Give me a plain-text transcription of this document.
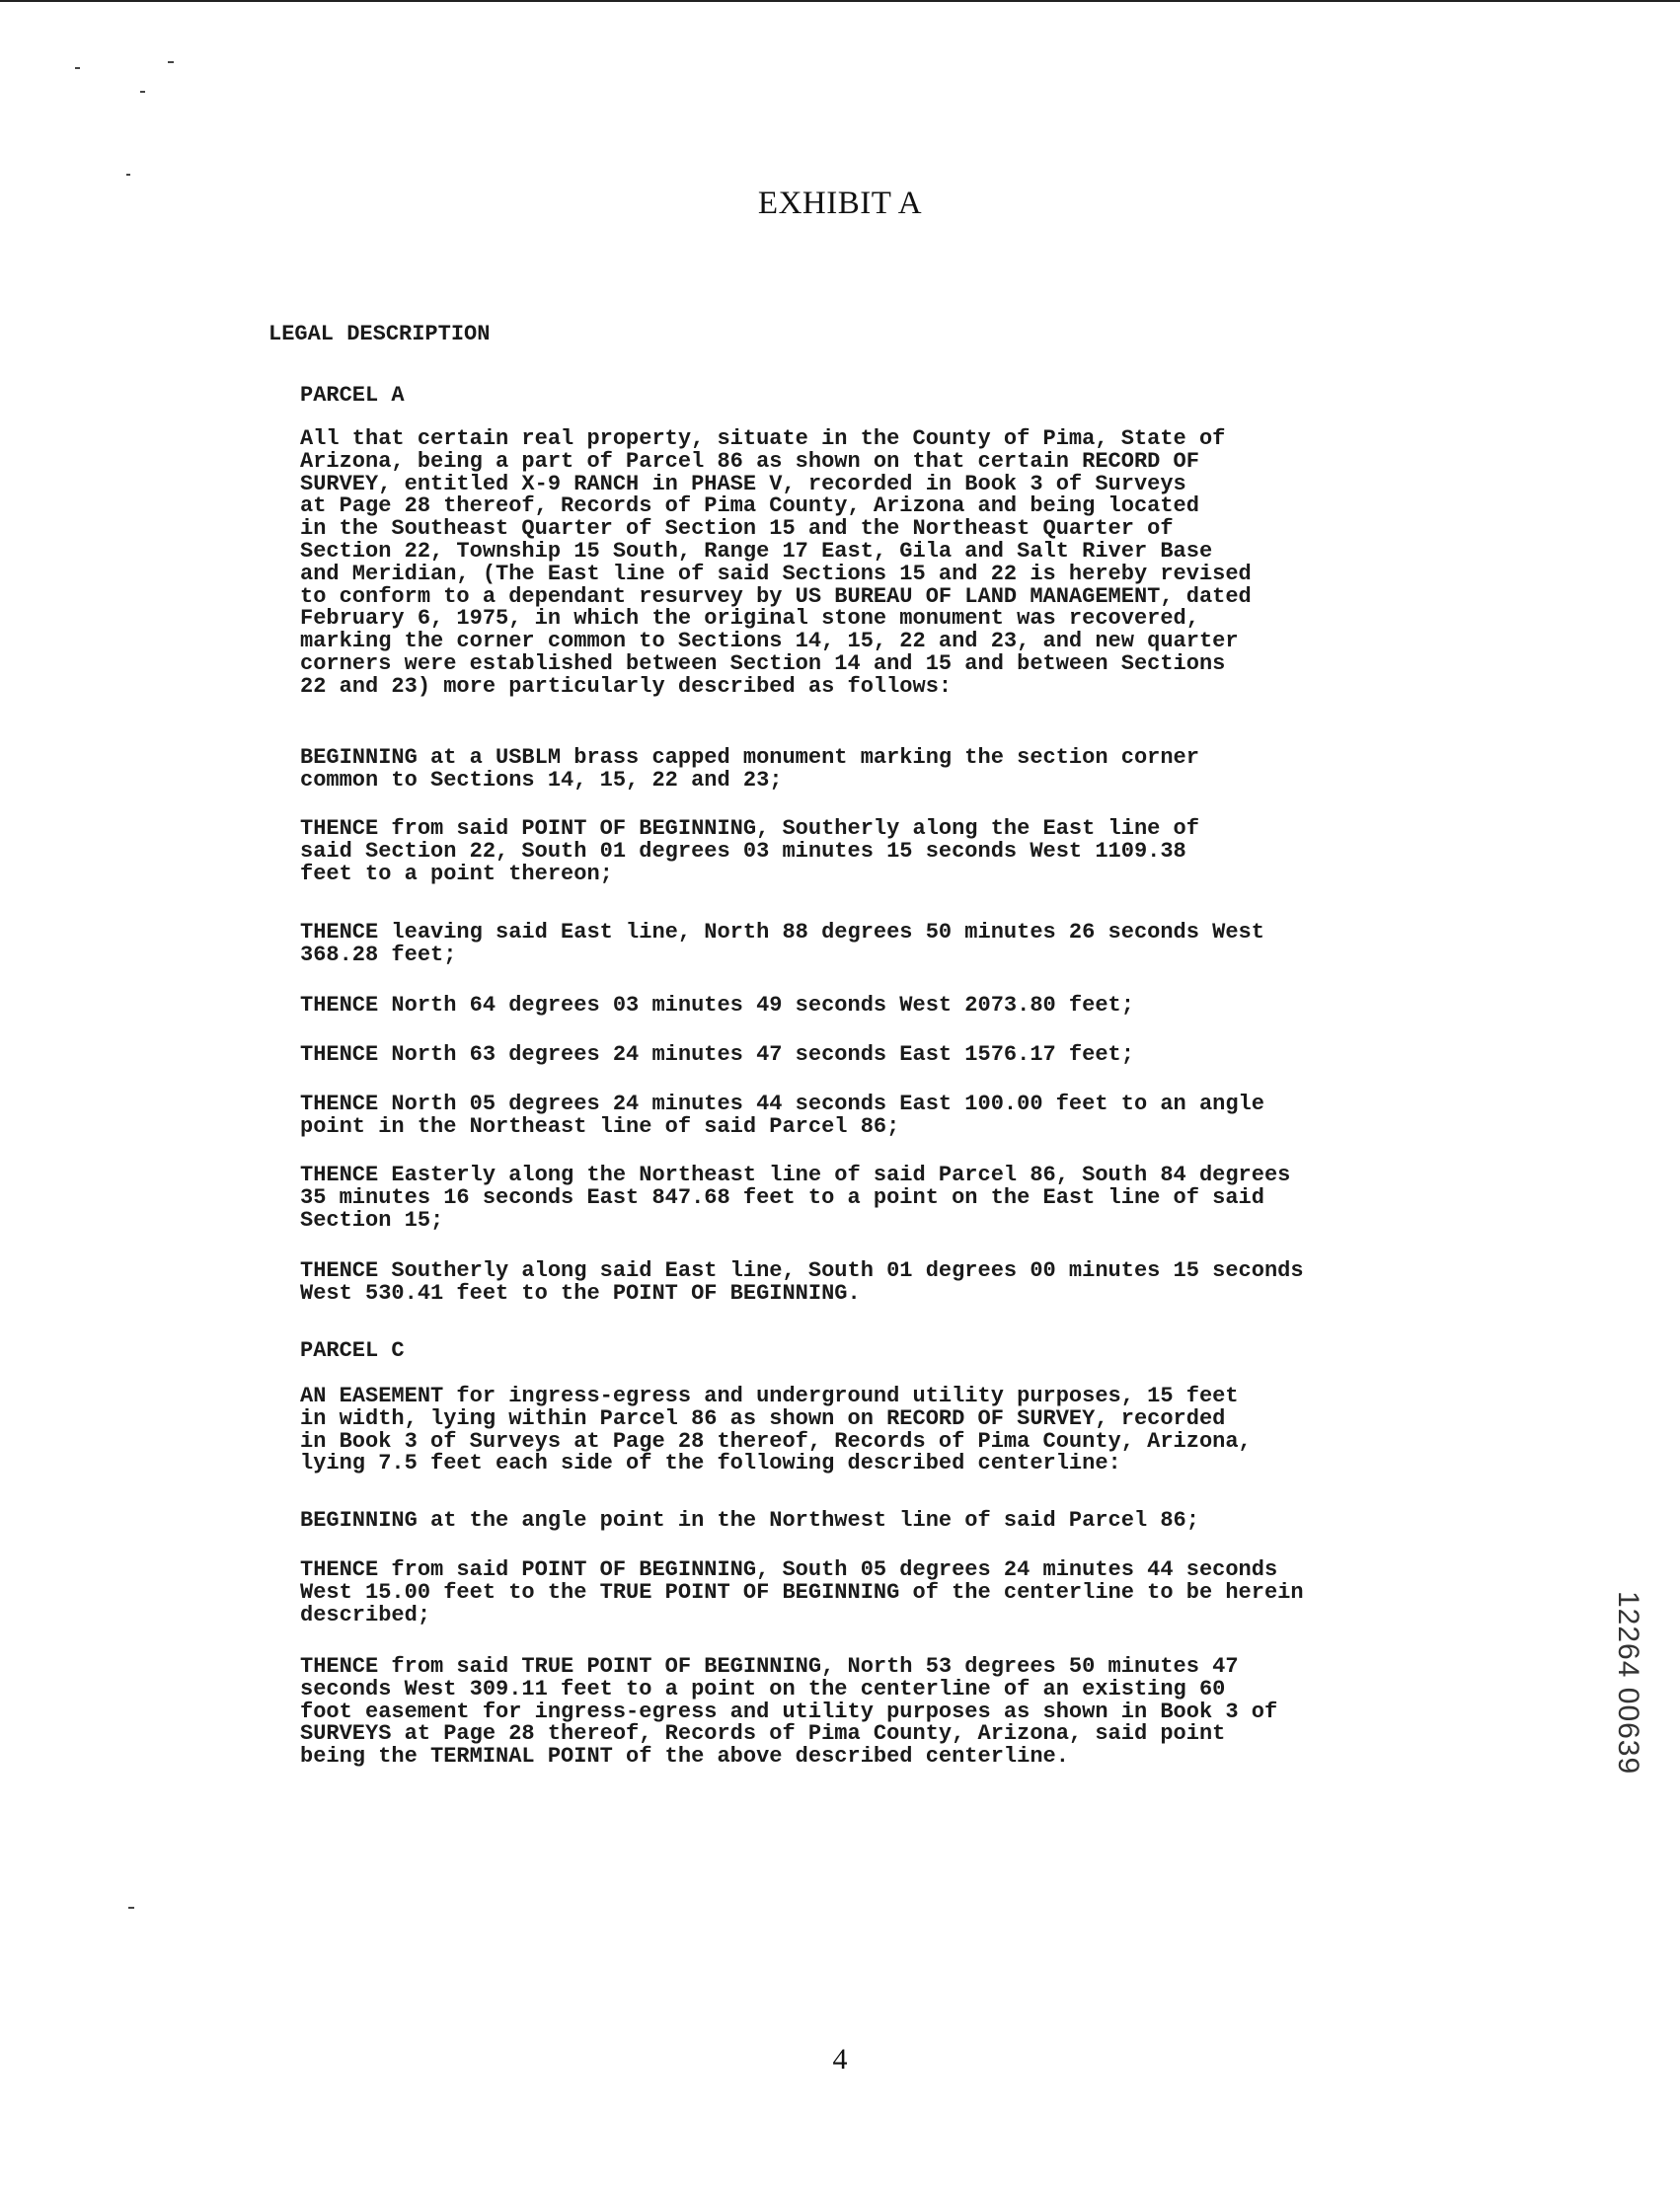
EXHIBIT A
LEGAL DESCRIPTION
PARCEL A
All that certain real property, situate in the County of Pima, State of
Arizona, being a part of Parcel 86 as shown on that certain RECORD OF
SURVEY, entitled X-9 RANCH in PHASE V, recorded in Book 3 of Surveys
at Page 28 thereof, Records of Pima County, Arizona and being located
in the Southeast Quarter of Section 15 and the Northeast Quarter of
Section 22, Township 15 South, Range 17 East, Gila and Salt River Base
and Meridian, (The East line of said Sections 15 and 22 is hereby revised
to conform to a dependant resurvey by US BUREAU OF LAND MANAGEMENT, dated
February 6, 1975, in which the original stone monument was recovered,
marking the corner common to Sections 14, 15, 22 and 23, and new quarter
corners were established between Section 14 and 15 and between Sections
22 and 23) more particularly described as follows:
BEGINNING at a USBLM brass capped monument marking the section corner
common to Sections 14, 15, 22 and 23;
THENCE from said POINT OF BEGINNING, Southerly along the East line of
said Section 22, South 01 degrees 03 minutes 15 seconds West 1109.38
feet to a point thereon;
THENCE leaving said East line, North 88 degrees 50 minutes 26 seconds West
368.28 feet;
THENCE North 64 degrees 03 minutes 49 seconds West 2073.80 feet;
THENCE North 63 degrees 24 minutes 47 seconds East 1576.17 feet;
THENCE North 05 degrees 24 minutes 44 seconds East 100.00 feet to an angle
point in the Northeast line of said Parcel 86;
THENCE Easterly along the Northeast line of said Parcel 86, South 84 degrees
35 minutes 16 seconds East 847.68 feet to a point on the East line of said
Section 15;
THENCE Southerly along said East line, South 01 degrees 00 minutes 15 seconds
West 530.41 feet to the POINT OF BEGINNING.
PARCEL C
AN EASEMENT for ingress-egress and underground utility purposes, 15 feet
in width, lying within Parcel 86 as shown on RECORD OF SURVEY, recorded
in Book 3 of Surveys at Page 28 thereof, Records of Pima County, Arizona,
lying 7.5 feet each side of the following described centerline:
BEGINNING at the angle point in the Northwest line of said Parcel 86;
THENCE from said POINT OF BEGINNING, South 05 degrees 24 minutes 44 seconds
West 15.00 feet to the TRUE POINT OF BEGINNING of the centerline to be herein
described;
THENCE from said TRUE POINT OF BEGINNING, North 53 degrees 50 minutes 47
seconds West 309.11 feet to a point on the centerline of an existing 60
foot easement for ingress-egress and utility purposes as shown in Book 3 of
SURVEYS at Page 28 thereof, Records of Pima County, Arizona, said point
being the TERMINAL POINT of the above described centerline.	12264 00639
4
